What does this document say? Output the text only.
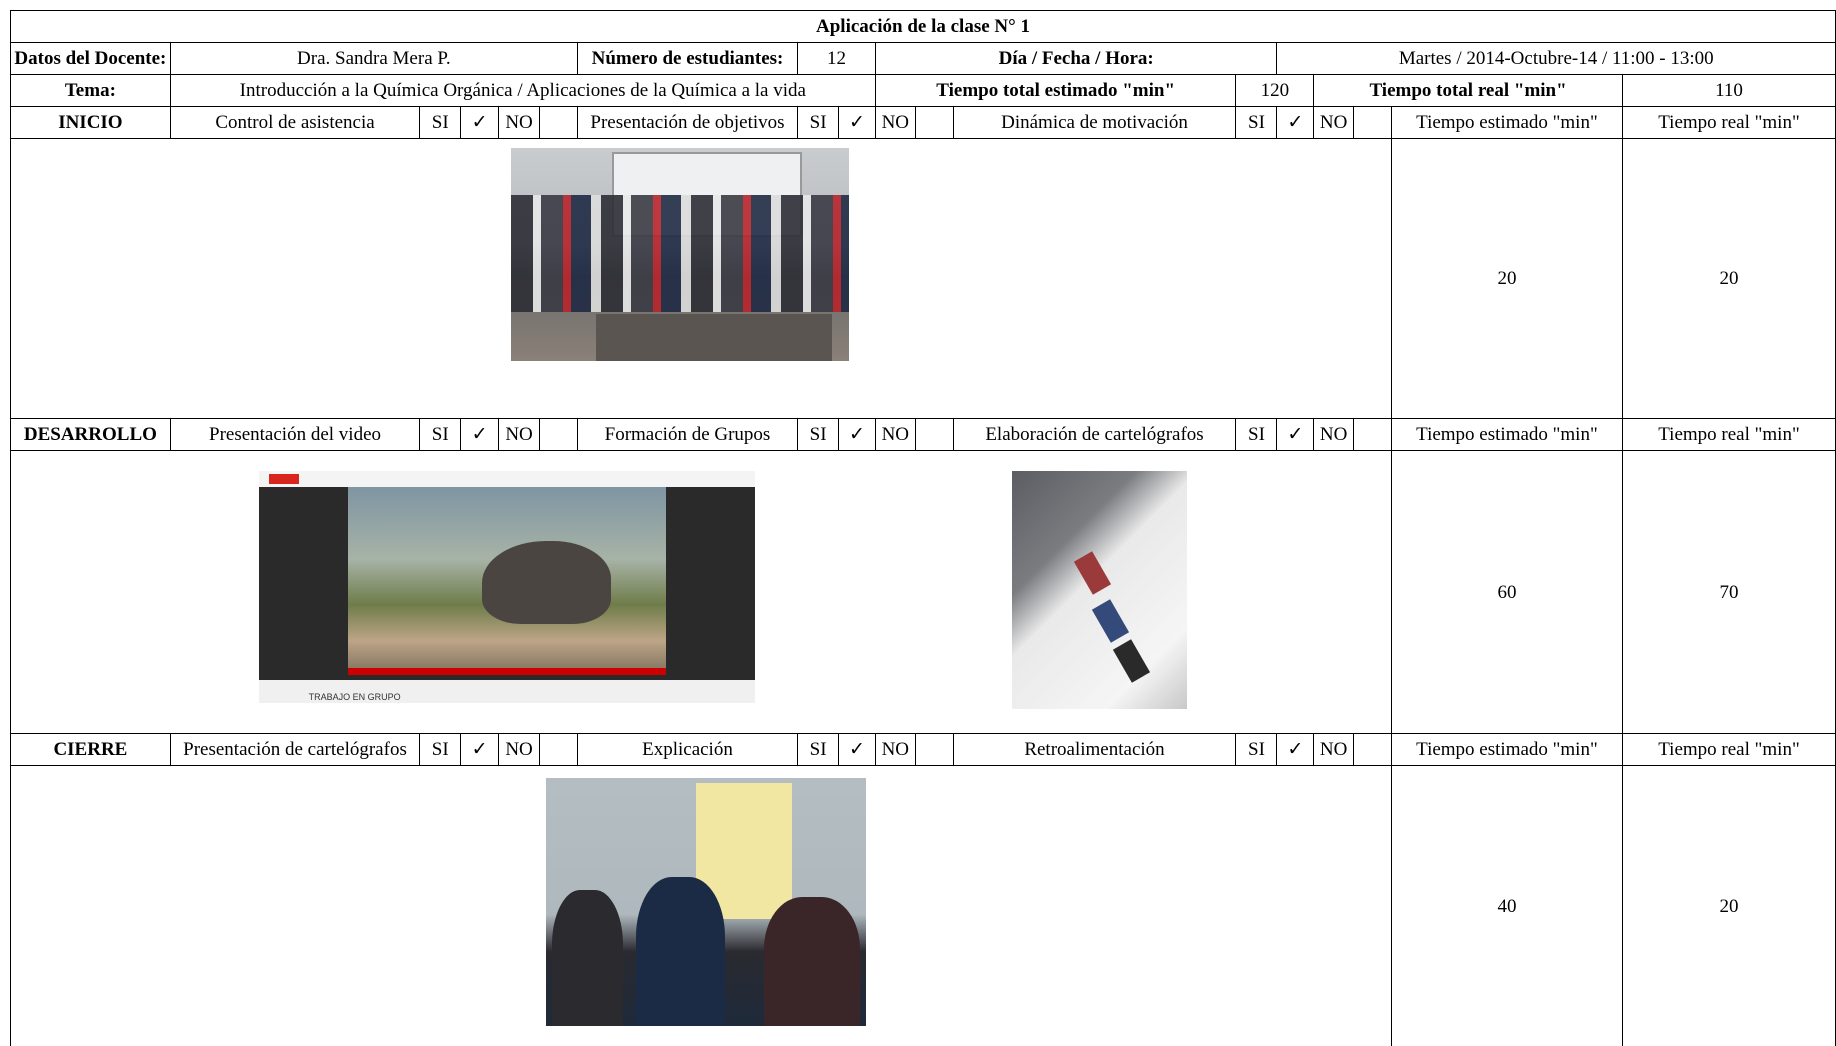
Aplicación de la clase N° 1																	
Datos del Docente:	Dra. Sandra Mera P.					Número de estudiantes:	12		Día / Fecha / Hora:				Martes / 2014-Octubre-14 / 11:00 - 13:00				
Tema:	Introducción a la Química Orgánica / Aplicaciones de la Química a la vida								Tiempo total estimado "min"			120		Tiempo total real "min"			110
INICIO	Control de asistencia	SI	✓	NO		Presentación de objetivos	SI	✓	NO		Dinámica de motivación	SI	✓	NO		Tiempo estimado "min"	Tiempo real "min"

																20	20
DESARROLLO	Presentación del video	SI	✓	NO		Formación de Grupos	SI	✓	NO		Elaboración de cartelógrafos	SI	✓	NO		Tiempo estimado "min"	Tiempo real "min"

TRABAJO EN GRUPO																60	70
CIERRE	Presentación de cartelógrafos	SI	✓	NO		Explicación	SI	✓	NO		Retroalimentación	SI	✓	NO		Tiempo estimado "min"	Tiempo real "min"

																40	20
